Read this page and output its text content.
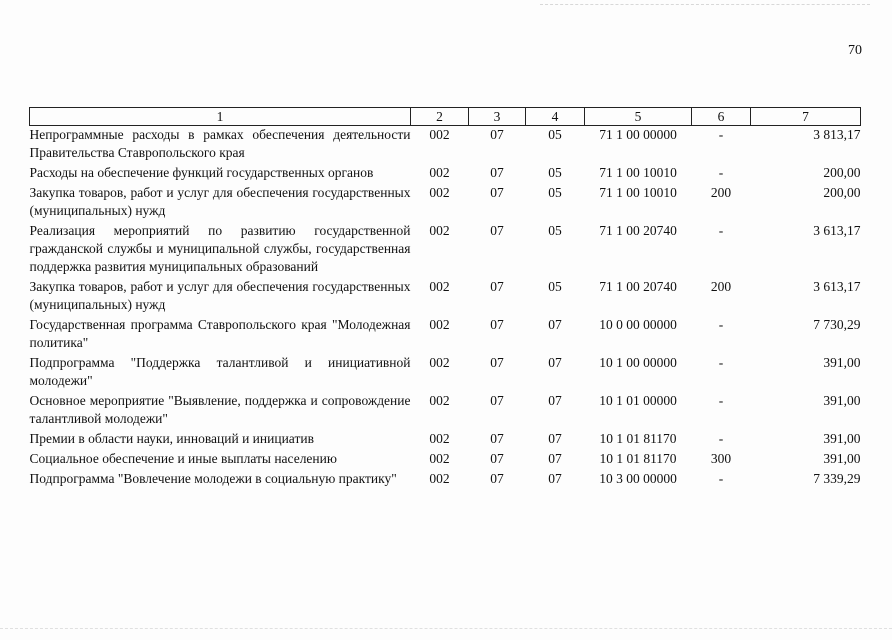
70
1	2	3	4	5	6	7
Непрограммные расходы в рамках обеспечения деятельности Правительства Ставропольского края	002	07	05	71 1 00 00000	-	3 813,17
Расходы на обеспечение функций государственных органов	002	07	05	71 1 00 10010	-	200,00
Закупка товаров, работ и услуг для обеспечения государственных (муниципальных) нужд	002	07	05	71 1 00 10010	200	200,00
Реализация мероприятий по развитию государственной гражданской службы и муниципальной службы, государственная поддержка развития муниципальных образований	002	07	05	71 1 00 20740	-	3 613,17
Закупка товаров, работ и услуг для обеспечения государственных (муниципальных) нужд	002	07	05	71 1 00 20740	200	3 613,17
Государственная программа Ставропольского края "Молодежная политика"	002	07	07	10 0 00 00000	-	7 730,29
Подпрограмма "Поддержка талантливой и инициативной молодежи"	002	07	07	10 1 00 00000	-	391,00
Основное мероприятие "Выявление, поддержка и сопровождение талантливой молодежи"	002	07	07	10 1 01 00000	-	391,00
Премии в области науки, инноваций и инициатив	002	07	07	10 1 01 81170	-	391,00
Социальное обеспечение и иные выплаты населению	002	07	07	10 1 01 81170	300	391,00
Подпрограмма "Вовлечение молодежи в социальную практику"	002	07	07	10 3 00 00000	-	7 339,29
